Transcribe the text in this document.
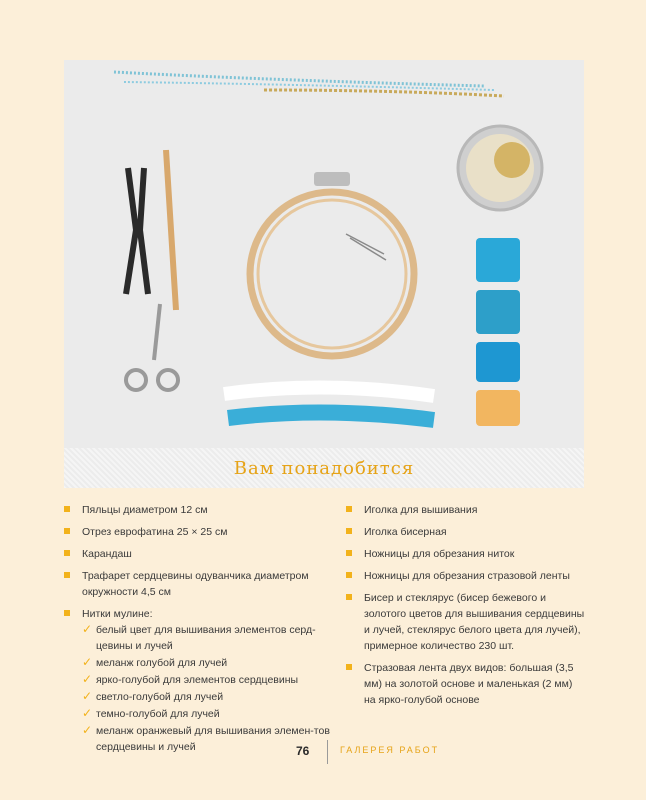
Вам понадобится
Пяльцы диаметром 12 см
Отрез еврофатина 25 × 25 см
Карандаш
Трафарет сердцевины одуванчика диаметром окружности 4,5 см
Нитки мулине:
✓ белый цвет для вышивания элементов серд-цевины и лучей
✓ меланж голубой для лучей
✓ ярко-голубой для элементов сердцевины
✓ светло-голубой для лучей
✓ темно-голубой для лучей
✓ меланж оранжевый для вышивания элемен-тов сердцевины и лучей
Иголка для вышивания
Иголка бисерная
Ножницы для обрезания ниток
Ножницы для обрезания стразовой ленты
Бисер и стеклярус (бисер бежевого и золотого цветов для вышивания сердцевины и лучей, стеклярус белого цвета для лучей), примерное количество 230 шт.
Стразовая лента двух видов: большая (3,5 мм) на золотой основе и маленькая (2 мм) на ярко-голубой основе
76	ГАЛЕРЕЯ РАБОТ
